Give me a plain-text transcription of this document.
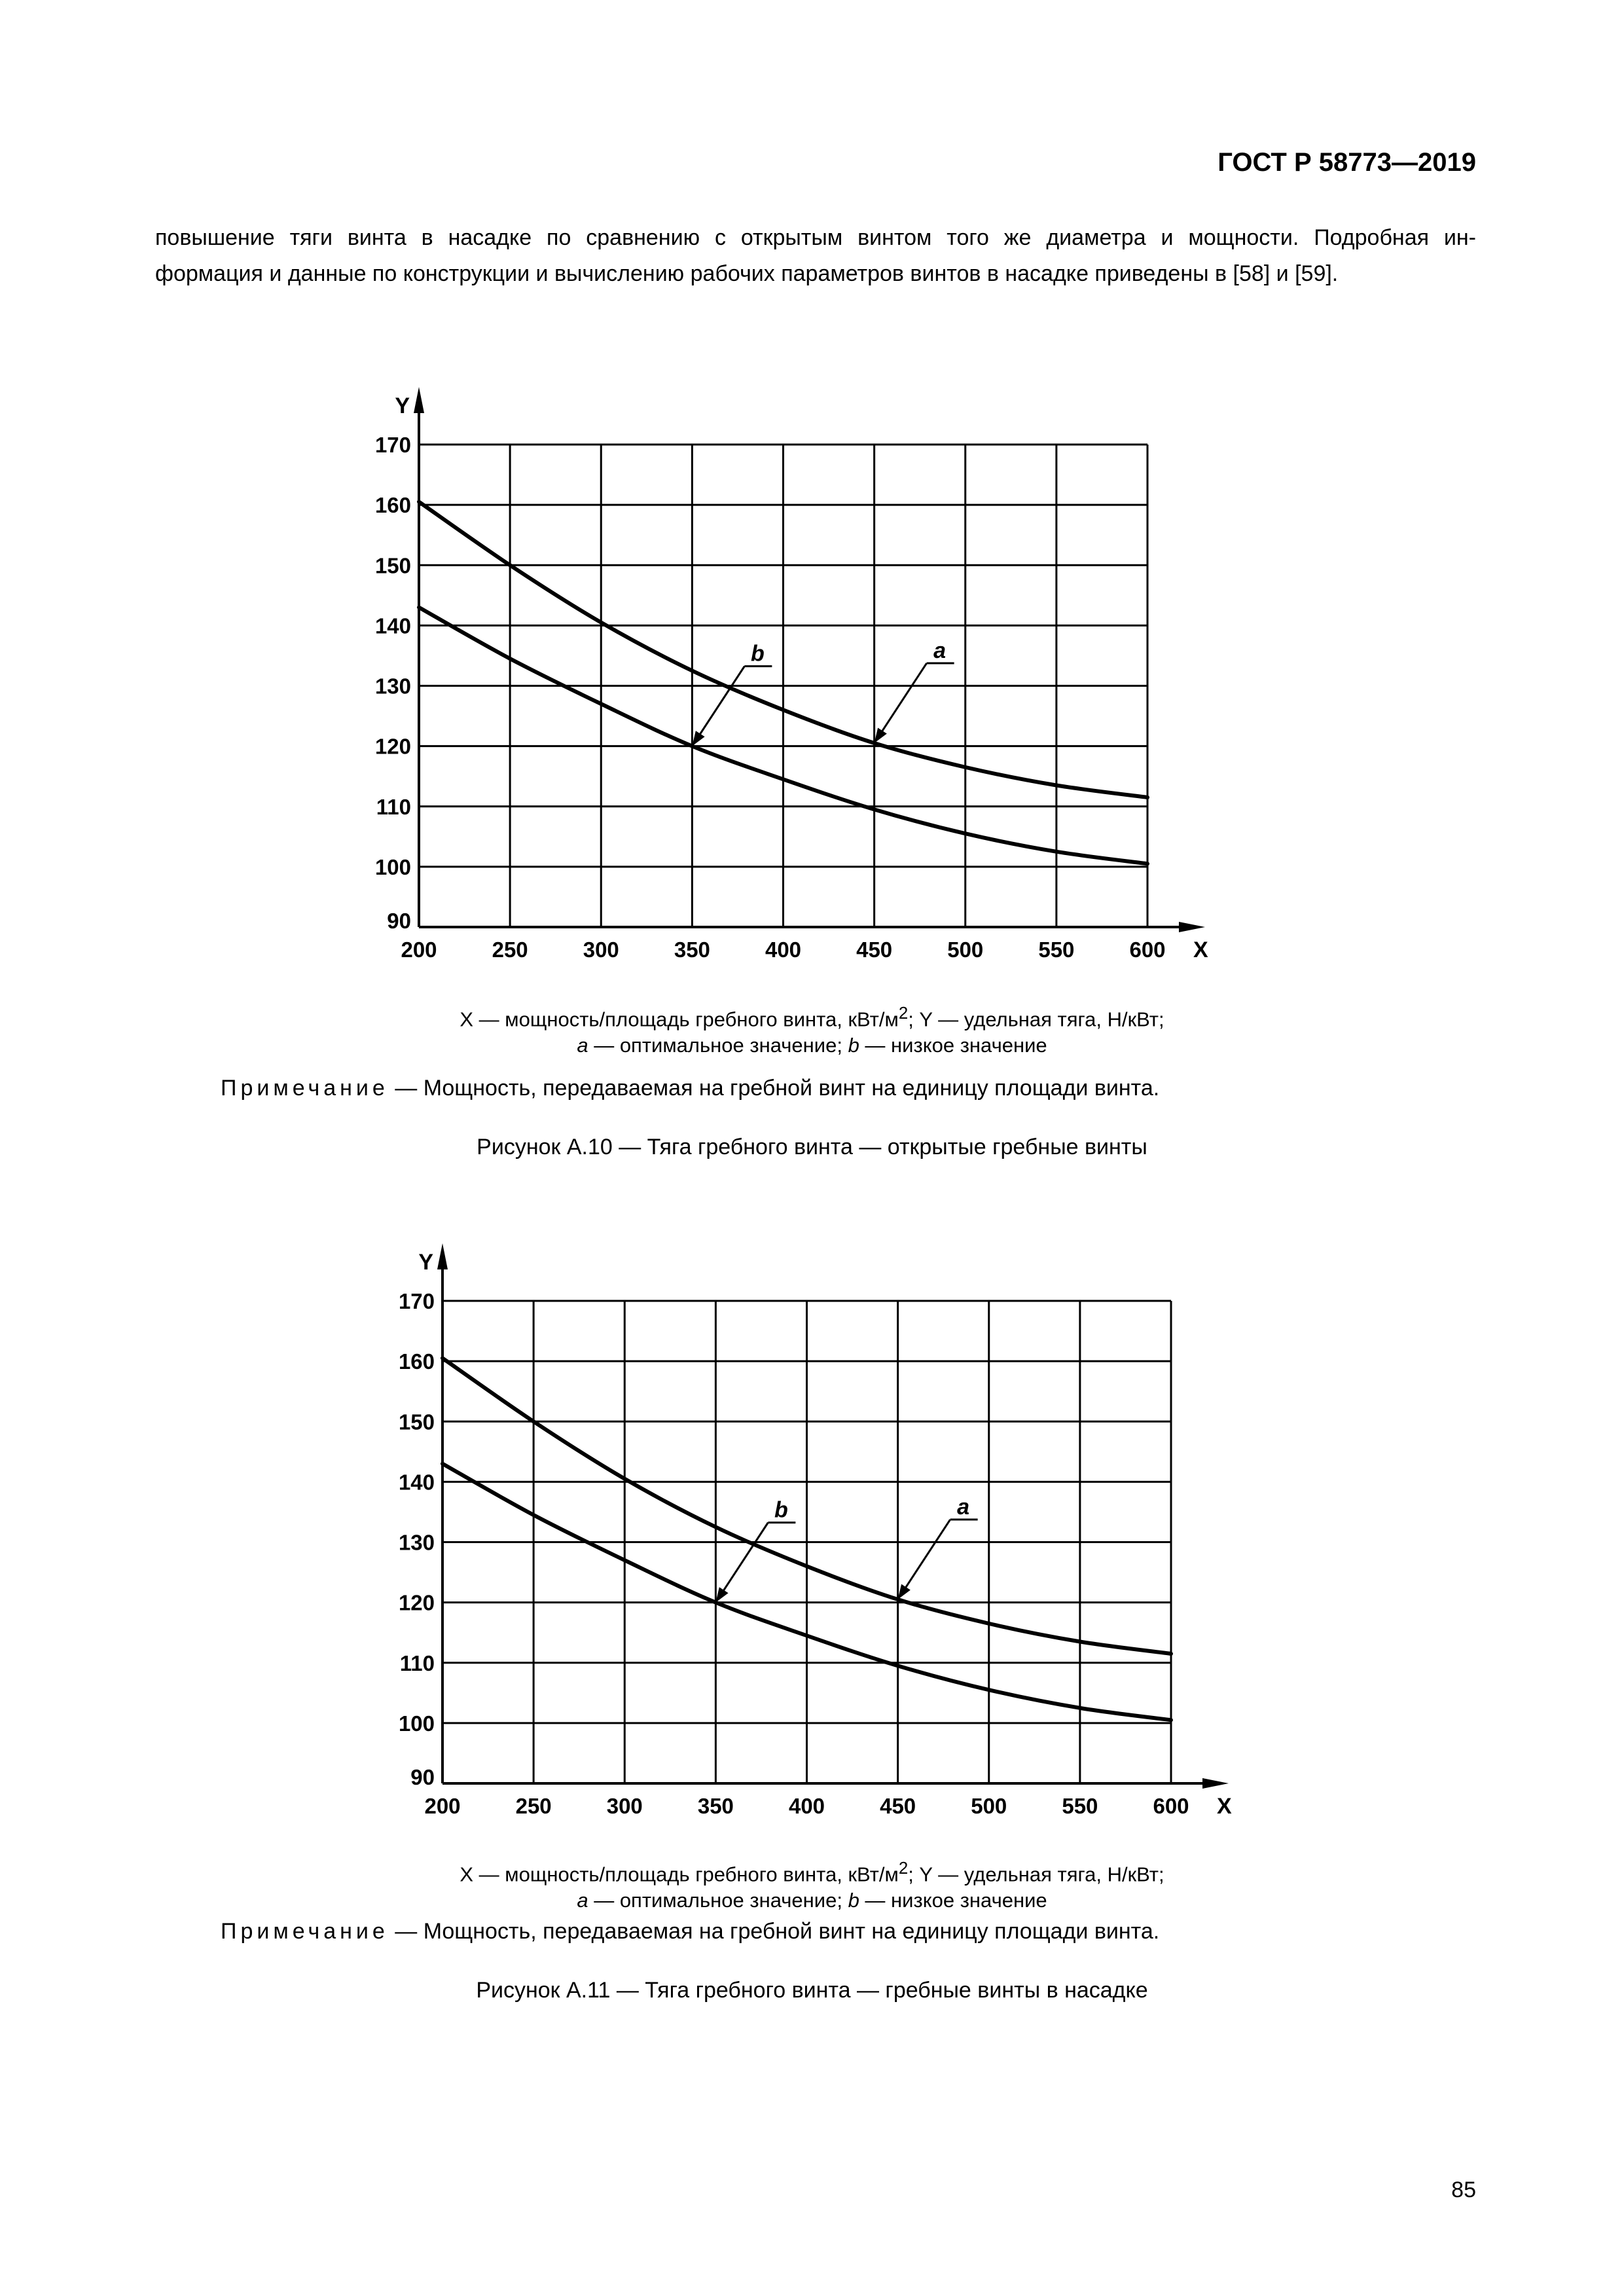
ГОСТ Р 58773—2019
повышение тяги винта в насадке по сравнению с открытым винтом того же диаметра и мощности. Подробная ин-
формация и данные по конструкции и вычислению рабочих параметров винтов в насадке приведены в [58] и [59].
Y
X
90
100
110
120
130
140
150
160
170
200	250	300	350	400	450	500	550	600
a
b
X — мощность/площадь гребного винта, кВт/$м^2$; Y — удельная тяга, Н/кВт;
a — оптимальное значение; b — низкое значение
Примечание — Мощность, передаваемая на гребной винт на единицу площади винта.
Рисунок А.10 — Тяга гребного винта — открытые гребные винты
Y
X
90
100
110
120
130
140
150
160
170
200	250	300	350	400	450	500	550	600
a
b
X — мощность/площадь гребного винта, кВт/$м^2$; Y — удельная тяга, Н/кВт;
a — оптимальное значение; b — низкое значение
Примечание — Мощность, передаваемая на гребной винт на единицу площади винта.
Рисунок А.11 — Тяга гребного винта — гребные винты в насадке
85
